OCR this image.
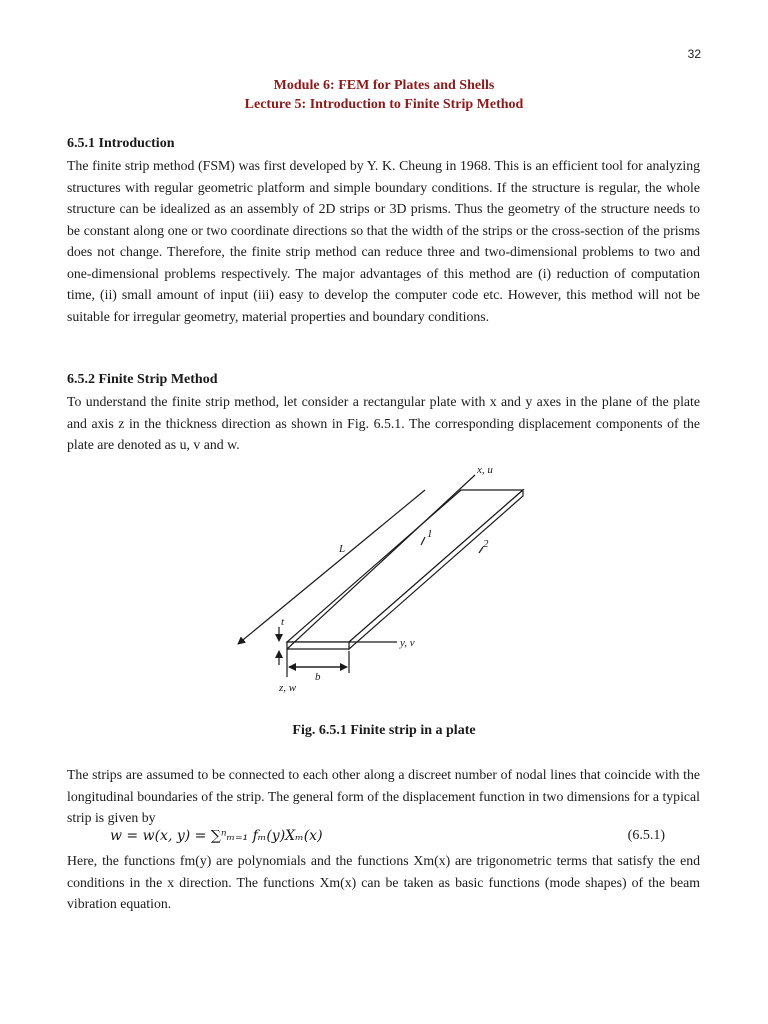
32
Module 6: FEM for Plates and Shells
Lecture 5: Introduction to Finite Strip Method
6.5.1 Introduction

The finite strip method (FSM) was first developed by Y. K. Cheung in 1968. This is an efficient tool for analyzing structures with regular geometric platform and simple boundary conditions. If the structure is regular, the whole structure can be idealized as an assembly of 2D strips or 3D prisms. Thus the geometry of the structure needs to be constant along one or two coordinate directions so that the width of the strips or the cross-section of the prisms does not change. Therefore, the finite strip method can reduce three and two-dimensional problems to two and one-dimensional problems respectively. The major advantages of this method are (i) reduction of computation time, (ii) small amount of input (iii) easy to develop the computer code etc. However, this method will not be suitable for irregular geometry, material properties and boundary conditions.

6.5.2 Finite Strip Method

To understand the finite strip method, let consider a rectangular plate with x and y axes in the plane of the plate and axis z in the thickness direction as shown in Fig. 6.5.1. The corresponding displacement components of the plate are denoted as u, v and w.

x, u
L
1
2
t
y, v
b
z, w
Fig. 6.5.1 Finite strip in a plate

The strips are assumed to be connected to each other along a discreet number of nodal lines that coincide with the longitudinal boundaries of the strip. The general form of the displacement function in two dimensions for a typical strip is given by

w = w(x, y) = ∑ⁿₘ₌₁ fₘ(y)Xₘ(x)	(6.5.1)

Here, the functions fm(y) are polynomials and the functions Xm(x) are trigonometric terms that satisfy the end conditions in the x direction. The functions Xm(x) can be taken as basic functions (mode shapes) of the beam vibration equation.
